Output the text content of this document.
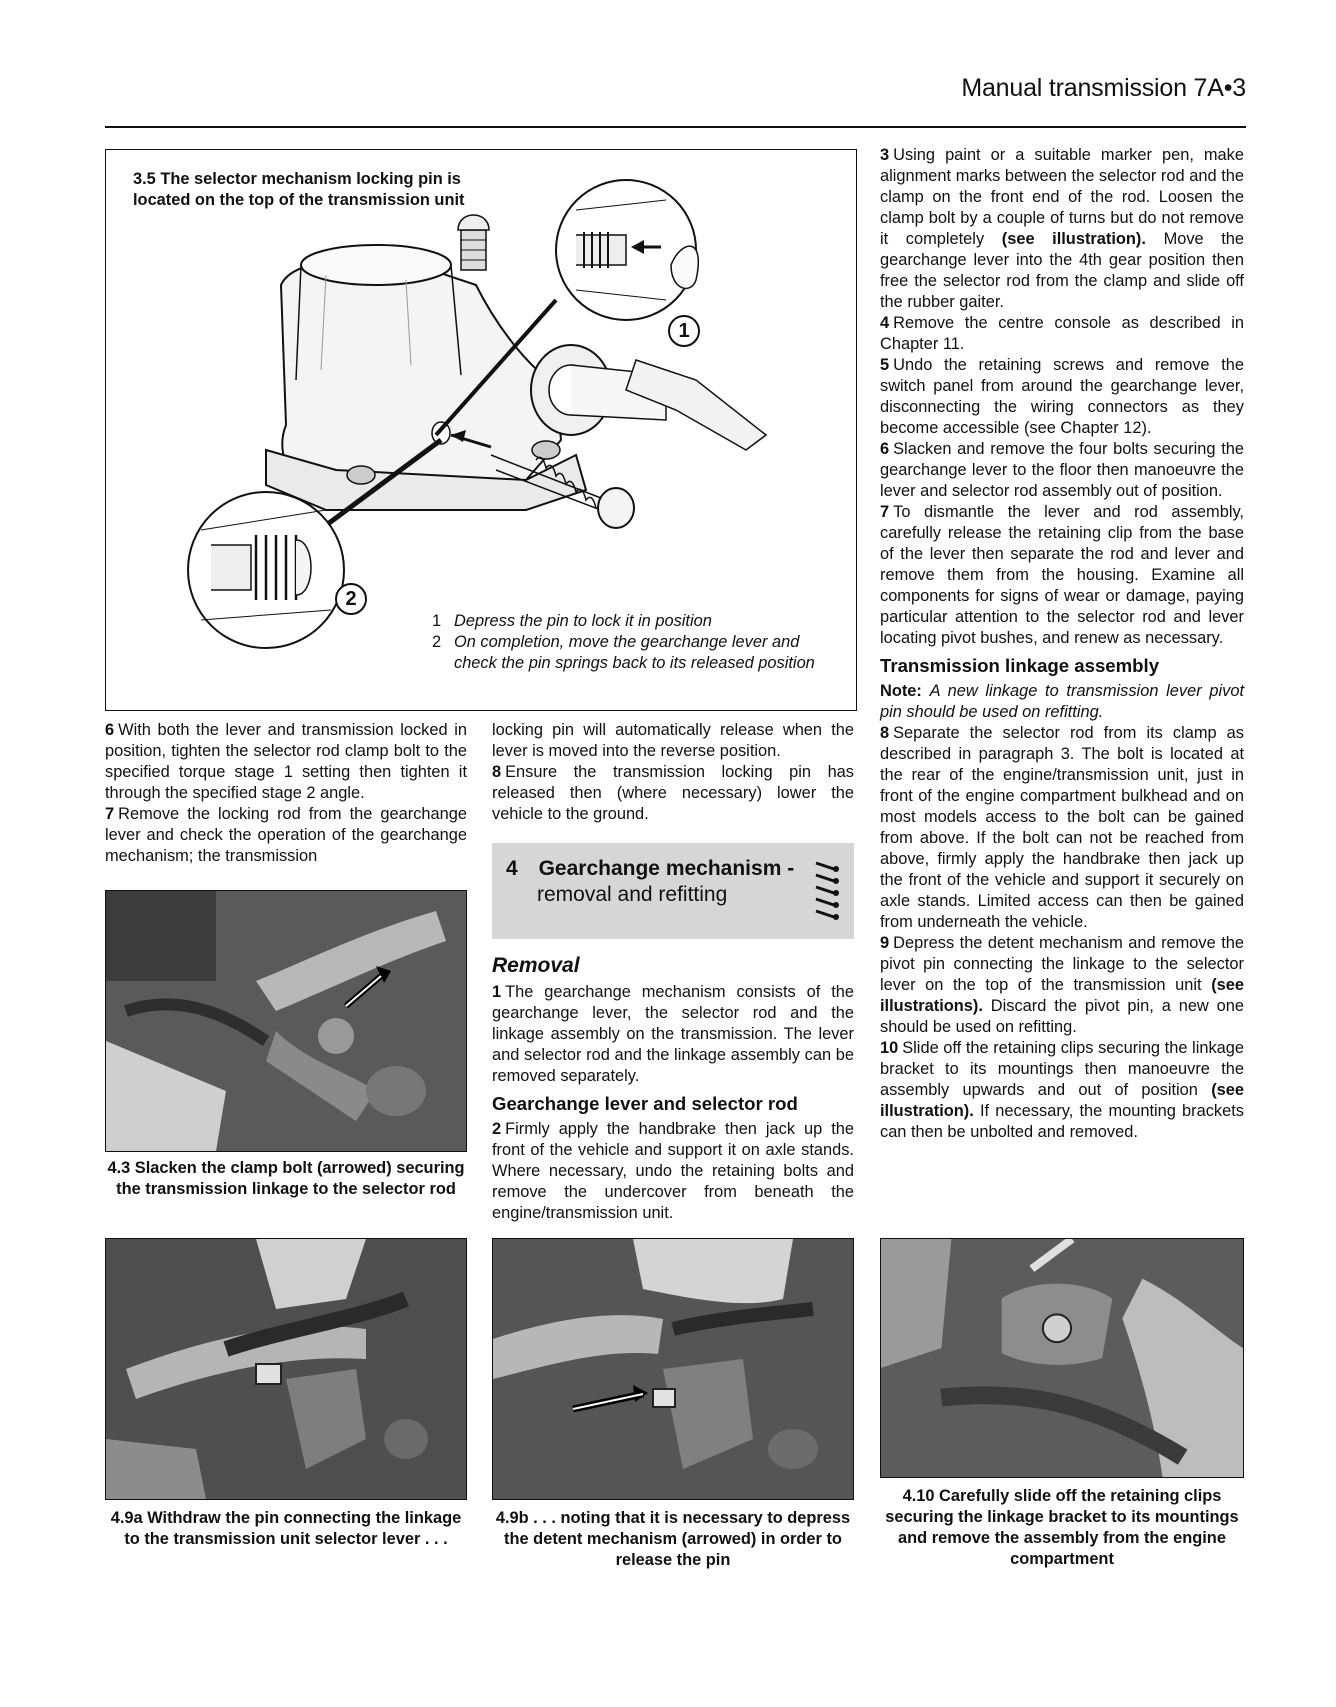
Manual transmission 7A•3
3.5 The selector mechanism locking pin is
located on the top of the transmission unit
1
2
1 Depress the pin to lock it in position
2 On completion, move the gearchange lever and
check the pin springs back to its released position

6 With both the lever and transmission locked in position, tighten the selector rod clamp bolt to the specified torque stage 1 setting then tighten it through the specified stage 2 angle.

7 Remove the locking rod from the gearchange lever and check the operation of the gearchange mechanism; the transmission

4.3 Slacken the clamp bolt (arrowed) securing the transmission linkage to the selector rod

locking pin will automatically release when the lever is moved into the reverse position.

8 Ensure the transmission locking pin has released then (where necessary) lower the vehicle to the ground.

4 Gearchange mechanism -
removal and refitting
Removal

1 The gearchange mechanism consists of the gearchange lever, the selector rod and the linkage assembly on the transmission. The lever and selector rod and the linkage assembly can be removed separately.

Gearchange lever and selector rod

2 Firmly apply the handbrake then jack up the front of the vehicle and support it on axle stands. Where necessary, undo the retaining bolts and remove the undercover from beneath the engine/transmission unit.

3 Using paint or a suitable marker pen, make alignment marks between the selector rod and the clamp on the front end of the rod. Loosen the clamp bolt by a couple of turns but do not remove it completely (see illustration). Move the gearchange lever into the 4th gear position then free the selector rod from the clamp and slide off the rubber gaiter.

4 Remove the centre console as described in Chapter 11.

5 Undo the retaining screws and remove the switch panel from around the gearchange lever, disconnecting the wiring connectors as they become accessible (see Chapter 12).

6 Slacken and remove the four bolts securing the gearchange lever to the floor then manoeuvre the lever and selector rod assembly out of position.

7 To dismantle the lever and rod assembly, carefully release the retaining clip from the base of the lever then separate the rod and lever and remove them from the housing. Examine all components for signs of wear or damage, paying particular attention to the selector rod and lever locating pivot bushes, and renew as necessary.

Transmission linkage assembly

Note: A new linkage to transmission lever pivot pin should be used on refitting.

8 Separate the selector rod from its clamp as described in paragraph 3. The bolt is located at the rear of the engine/transmission unit, just in front of the engine compartment bulkhead and on most models access to the bolt can be gained from above. If the bolt can not be reached from above, firmly apply the handbrake then jack up the front of the vehicle and support it securely on axle stands. Limited access can then be gained from underneath the vehicle.

9 Depress the detent mechanism and remove the pivot pin connecting the linkage to the selector lever on the top of the transmission unit (see illustrations). Discard the pivot pin, a new one should be used on refitting.

10 Slide off the retaining clips securing the linkage bracket to its mountings then manoeuvre the assembly upwards and out of position (see illustration). If necessary, the mounting brackets can then be unbolted and removed.

4.9a Withdraw the pin connecting the linkage to the transmission unit selector lever . . .
4.9b . . . noting that it is necessary to depress the detent mechanism (arrowed) in order to release the pin
4.10 Carefully slide off the retaining clips securing the linkage bracket to its mountings and remove the assembly from the engine compartment
